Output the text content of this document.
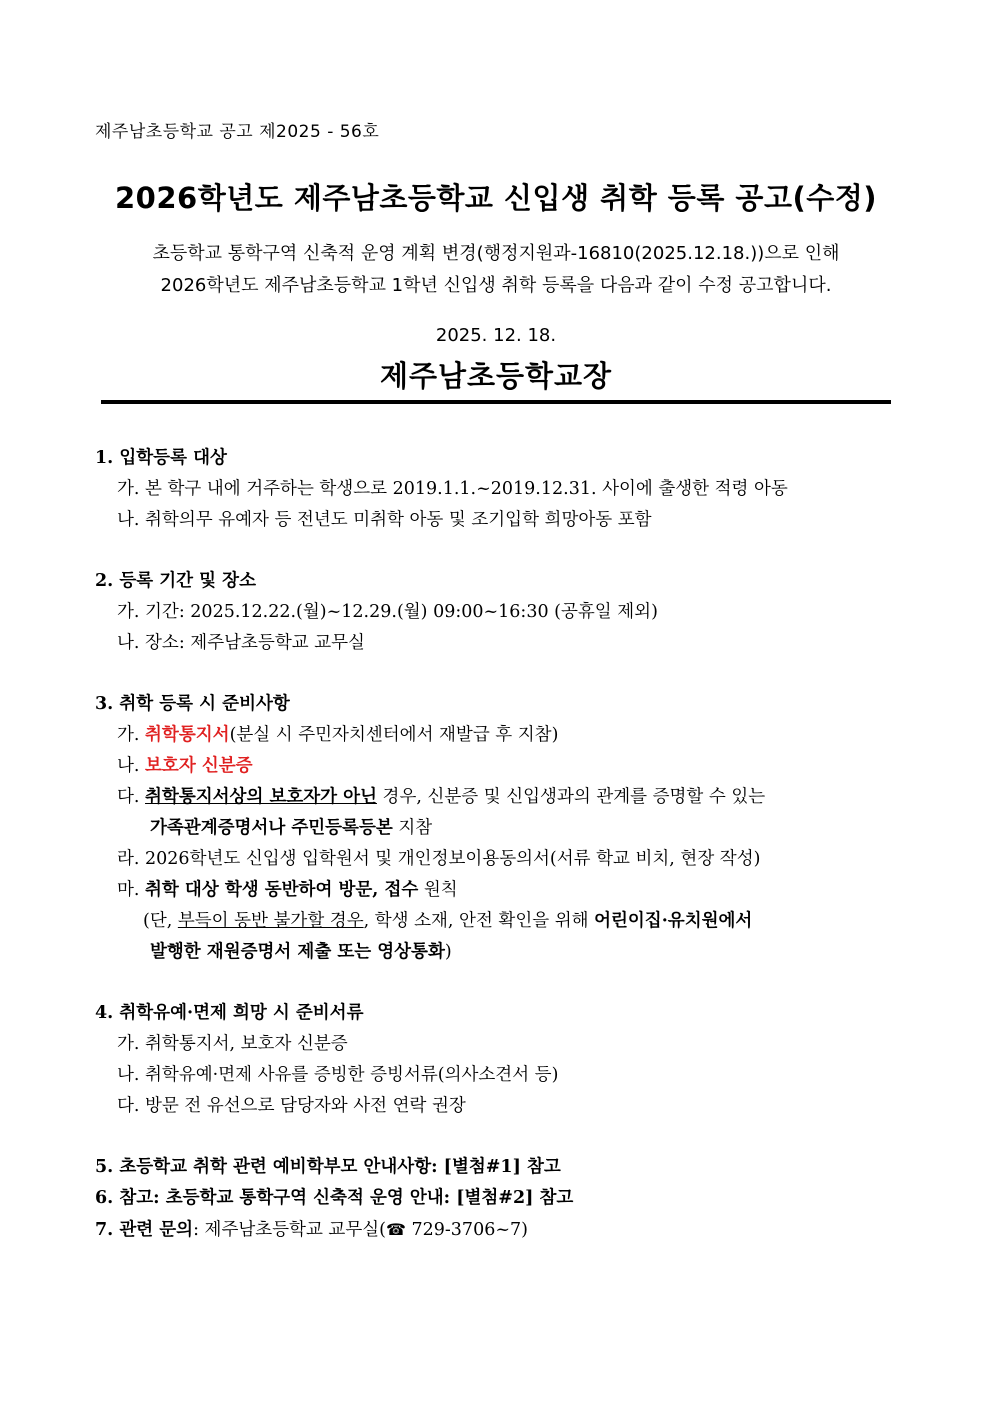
제주남초등학교 공고 제2025 - 56호
2026학년도 제주남초등학교 신입생 취학 등록 공고(수정)
초등학교 통학구역 신축적 운영 계획 변경(행정지원과-16810(2025.12.18.))으로 인해
2026학년도 제주남초등학교 1학년 신입생 취학 등록을 다음과 같이 수정 공고합니다.
2025. 12. 18.
제주남초등학교장
1. 입학등록 대상
가. 본 학구 내에 거주하는 학생으로 2019.1.1.~2019.12.31. 사이에 출생한 적령 아동
나. 취학의무 유예자 등 전년도 미취학 아동 및 조기입학 희망아동 포함
2. 등록 기간 및 장소
가. 기간: 2025.12.22.(월)~12.29.(월) 09:00~16:30 (공휴일 제외)
나. 장소: 제주남초등학교 교무실
3. 취학 등록 시 준비사항
가. 취학통지서(분실 시 주민자치센터에서 재발급 후 지참)
나. 보호자 신분증
다. 취학통지서상의 보호자가 아닌 경우, 신분증 및 신입생과의 관계를 증명할 수 있는
가족관계증명서나 주민등록등본 지참
라. 2026학년도 신입생 입학원서 및 개인정보이용동의서(서류 학교 비치, 현장 작성)
마. 취학 대상 학생 동반하여 방문, 접수 원칙
(단, 부득이 동반 불가할 경우, 학생 소재, 안전 확인을 위해 어린이집·유치원에서
발행한 재원증명서 제출 또는 영상통화)
4. 취학유예·면제 희망 시 준비서류
가. 취학통지서, 보호자 신분증
나. 취학유예·면제 사유를 증빙한 증빙서류(의사소견서 등)
다. 방문 전 유선으로 담당자와 사전 연락 권장
5. 초등학교 취학 관련 예비학부모 안내사항: [별첨#1] 참고
6. 참고: 초등학교 통학구역 신축적 운영 안내: [별첨#2] 참고
7. 관련 문의: 제주남초등학교 교무실(☎ 729-3706~7)
